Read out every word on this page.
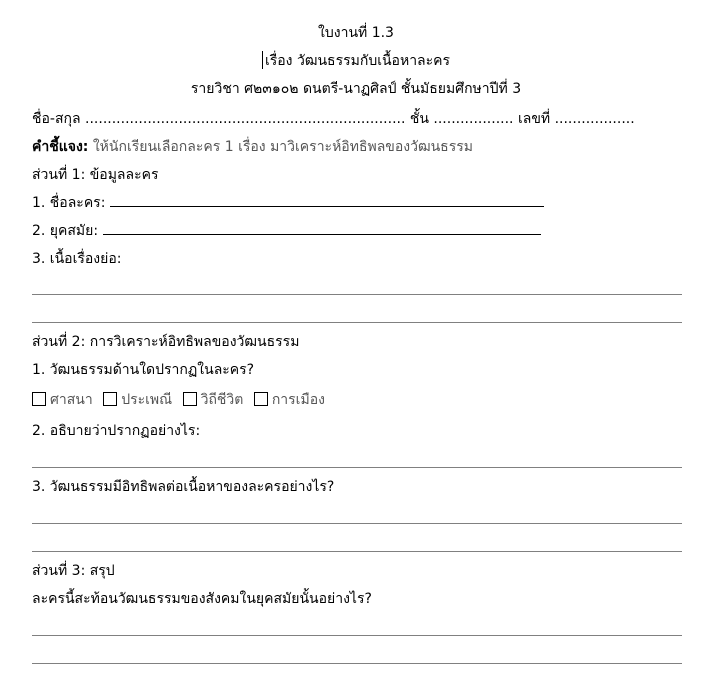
ใบงานที่ 1.3
เรื่อง วัฒนธรรมกับเนื้อหาละคร
รายวิชา ศ๒๓๑๐๒ ดนตรี-นาฏศิลป์ ชั้นมัธยมศึกษาปีที่ 3
ชื่อ-สกุล ........................................................................ ชั้น .................. เลขที่ ..................
คำชี้แจง: ให้นักเรียนเลือกละคร 1 เรื่อง มาวิเคราะห์อิทธิพลของวัฒนธรรม
ส่วนที่ 1: ข้อมูลละคร
1. ชื่อละคร:
2. ยุคสมัย:
3. เนื้อเรื่องย่อ:
ส่วนที่ 2: การวิเคราะห์อิทธิพลของวัฒนธรรม
1. วัฒนธรรมด้านใดปรากฏในละคร?
ศาสนา ประเพณี วิถีชีวิต การเมือง
2. อธิบายว่าปรากฏอย่างไร:
3. วัฒนธรรมมีอิทธิพลต่อเนื้อหาของละครอย่างไร?
ส่วนที่ 3: สรุป
ละครนี้สะท้อนวัฒนธรรมของสังคมในยุคสมัยนั้นอย่างไร?
